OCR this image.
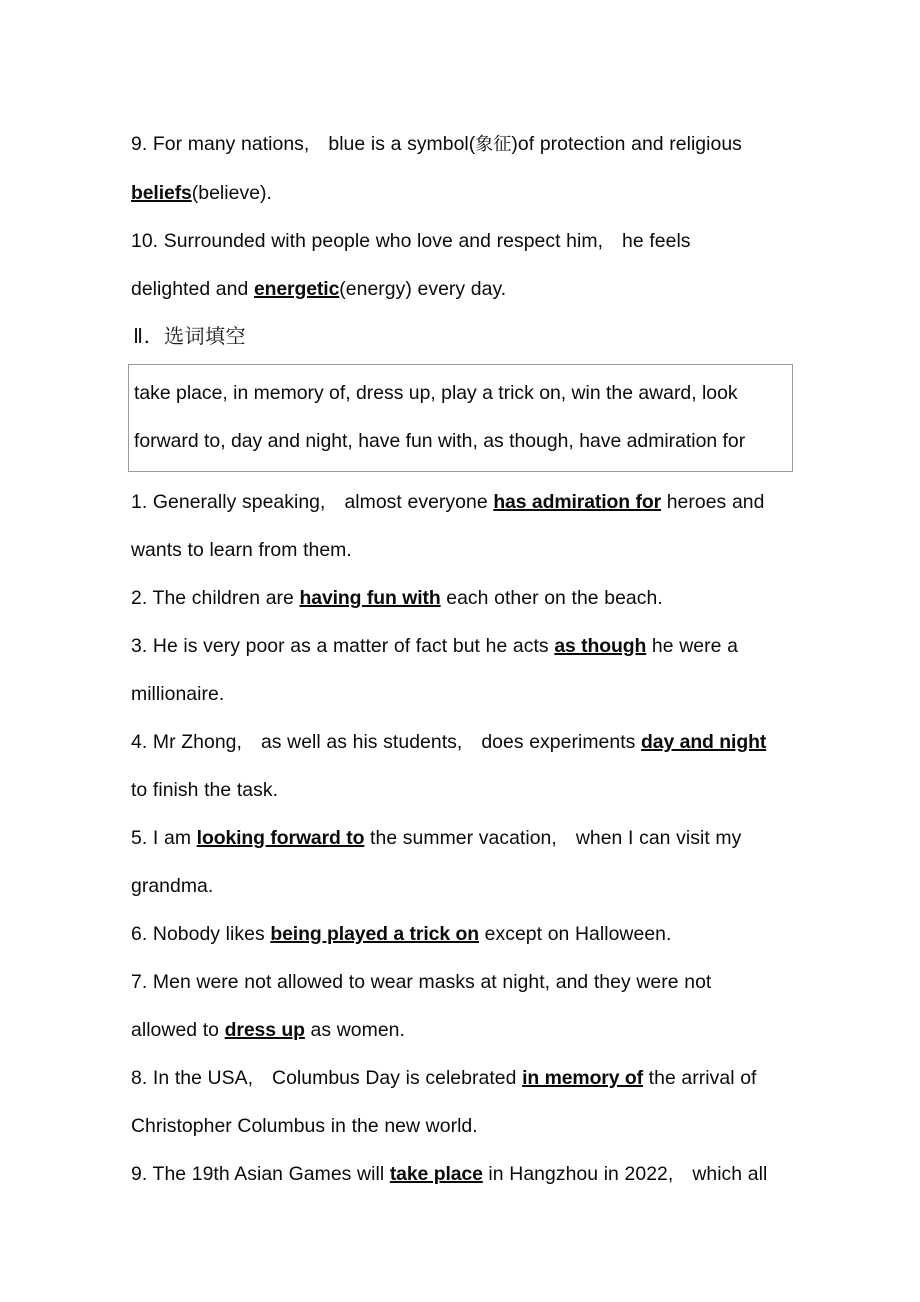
9. For many nations, blue is a symbol(象征)of protection and religious

beliefs(believe).

10. Surrounded with people who love and respect him, he feels

delighted and energetic(energy) every day.

Ⅱ．选词填空

take place, in memory of, dress up, play a trick on, win the award, look

forward to, day and night, have fun with, as though, have admiration for

1. Generally speaking, almost everyone has admiration for heroes and

wants to learn from them.

2. The children are having fun with each other on the beach.

3. He is very poor as a matter of fact but he acts as though he were a

millionaire.

4. Mr Zhong, as well as his students, does experiments day and night

to finish the task.

5. I am looking forward to the summer vacation, when I can visit my

grandma.

6. Nobody likes being played a trick on except on Halloween.

7. Men were not allowed to wear masks at night, and they were not

allowed to dress up as women.

8. In the USA, Columbus Day is celebrated in memory of the arrival of

Christopher Columbus in the new world.

9. The 19th Asian Games will take place in Hangzhou in 2022, which all
